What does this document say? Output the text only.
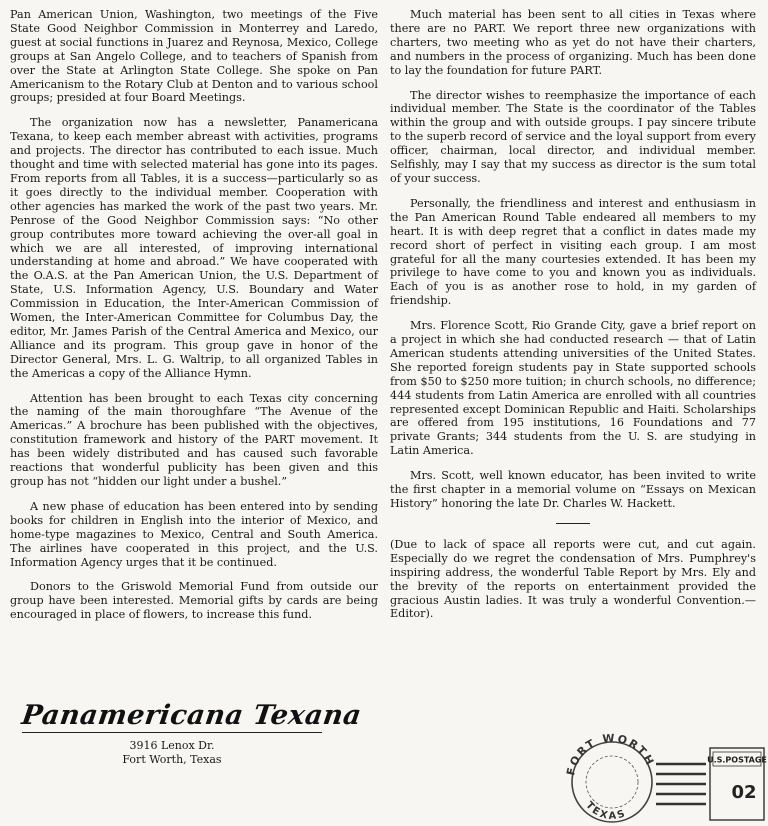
Pan American Union, Washington, two meetings of the Five State Good Neighbor Commission in Monterrey and Laredo, guest at social functions in Juarez and Reynosa, Mexico, College groups at San Angelo College, and to teachers of Spanish from over the State at Arlington State College. She spoke on Pan Americanism to the Rotary Club at Denton and to various school groups; presided at four Board Meetings.

The organization now has a newsletter, Panamericana Texana, to keep each member abreast with activities, programs and projects. The director has contributed to each issue. Much thought and time with selected material has gone into its pages. From reports from all Tables, it is a success—particularly so as it goes directly to the individual member. Cooperation with other agencies has marked the work of the past two years. Mr. Penrose of the Good Neighbor Commission says: “No other group contributes more toward achieving the over-all goal in which we are all interested, of improving international understanding at home and abroad.” We have cooperated with the O.A.S. at the Pan American Union, the U.S. Department of State, U.S. Information Agency, U.S. Boundary and Water Commission in Education, the Inter-American Commission of Women, the Inter-American Committee for Columbus Day, the editor, Mr. James Parish of the Central America and Mexico, our Alliance and its program. This group gave in honor of the Director General, Mrs. L. G. Waltrip, to all organized Tables in the Americas a copy of the Alliance Hymn.

Attention has been brought to each Texas city concerning the naming of the main thoroughfare “The Avenue of the Americas.” A brochure has been published with the objectives, constitution framework and history of the PART movement. It has been widely distributed and has caused such favorable reactions that wonderful publicity has been given and this group has not “hidden our light under a bushel.”

A new phase of education has been entered into by sending books for children in English into the interior of Mexico, and home-type magazines to Mexico, Central and South America. The airlines have cooperated in this project, and the U.S. Information Agency urges that it be continued.

Donors to the Griswold Memorial Fund from outside our group have been interested. Memorial gifts by cards are being encouraged in place of flowers, to increase this fund.

Much material has been sent to all cities in Texas where there are no PART. We report three new organizations with charters, two meeting who as yet do not have their charters, and numbers in the process of organizing. Much has been done to lay the foundation for future PART.

The director wishes to reemphasize the importance of each individual member. The State is the coordinator of the Tables within the group and with outside groups. I pay sincere tribute to the superb record of service and the loyal support from every officer, chairman, local director, and individual member. Selfishly, may I say that my success as director is the sum total of your success.

Personally, the friendliness and interest and enthusiasm in the Pan American Round Table endeared all members to my heart. It is with deep regret that a conflict in dates made my record short of perfect in visiting each group. I am most grateful for all the many courtesies extended. It has been my privilege to have come to you and known you as individuals. Each of you is as another rose to hold, in my garden of friendship.

Mrs. Florence Scott, Rio Grande City, gave a brief report on a project in which she had conducted research — that of Latin American students attending universities of the United States. She reported foreign students pay in State supported schools from $50 to $250 more tuition; in church schools, no difference; 444 students from Latin America are enrolled with all countries represented except Dominican Republic and Haiti. Scholarships are offered from 195 institutions, 16 Foundations and 77 private Grants; 344 students from the U. S. are studying in Latin America.

Mrs. Scott, well known educator, has been invited to write the first chapter in a memorial volume on “Essays on Mexican History” honoring the late Dr. Charles W. Hackett.

(Due to lack of space all reports were cut, and cut again. Especially do we regret the condensation of Mrs. Pumphrey's inspiring address, the wonderful Table Report by Mrs. Ely and the brevity of the reports on entertainment provided the gracious Austin ladies. It was truly a wonderful Convention.—Editor).

Panamericana Texana
3916 Lenox Dr.
Fort Worth, Texas
FORT WORTH
TEXAS
U.S.POSTAGE
02
